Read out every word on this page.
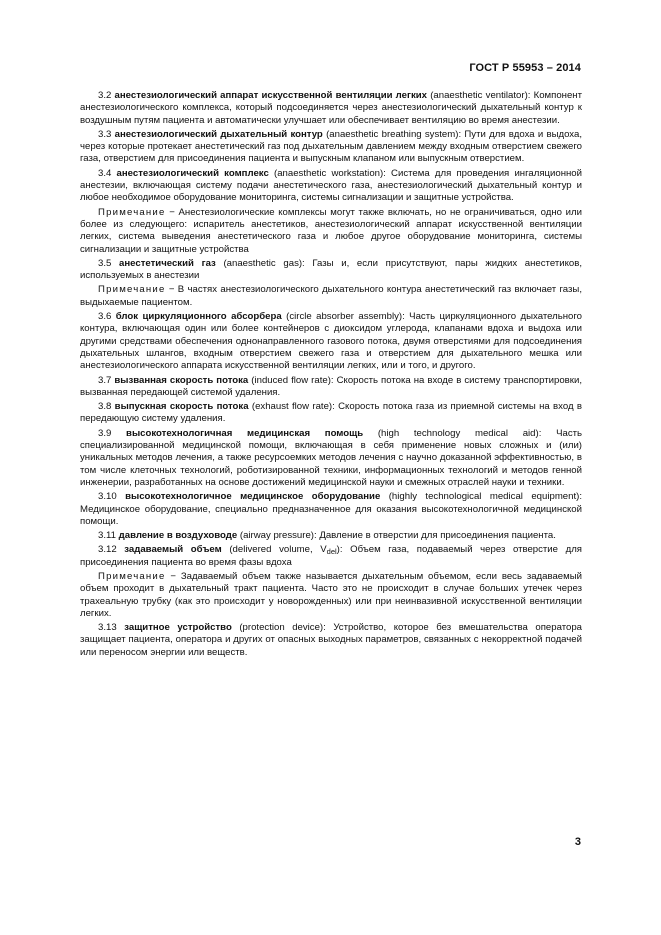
ГОСТ Р 55953 – 2014

3.2 анестезиологический аппарат искусственной вентиляции легких (anaesthetic ventilator): Компонент анестезиологического комплекса, который подсоединяется через анестезиологический дыхательный контур к воздушным путям пациента и автоматически улучшает или обеспечивает вентиляцию во время анестезии.

3.3 анестезиологический дыхательный контур (anaesthetic breathing system): Пути для вдоха и выдоха, через которые протекает анестетический газ под дыхательным давлением между входным отверстием свежего газа, отверстием для присоединения пациента и выпускным клапаном или выпускным отверстием.

3.4 анестезиологический комплекс (anaesthetic workstation): Система для проведения ингаляционной анестезии, включающая систему подачи анестетического газа, анестезиологический дыхательный контур и любое необходимое оборудование мониторинга, системы сигнализации и защитные устройства.

Примечание − Анестезиологические комплексы могут также включать, но не ограничиваться, одно или более из следующего: испаритель анестетиков, анестезиологический аппарат искусственной вентиляции легких, система выведения анестетического газа и любое другое оборудование мониторинга, системы сигнализации и защитные устройства

3.5 анестетический газ (anaesthetic gas): Газы и, если присутствуют, пары жидких анестетиков, используемых в анестезии

Примечание − В частях анестезиологического дыхательного контура анестетический газ включает газы, выдыхаемые пациентом.

3.6 блок циркуляционного абсорбера (circle absorber assembly): Часть циркуляционного дыхательного контура, включающая один или более контейнеров с диоксидом углерода, клапанами вдоха и выдоха или другими средствами обеспечения однонаправленного газового потока, двумя отверстиями для подсоединения дыхательных шлангов, входным отверстием свежего газа и отверстием для дыхательного мешка или анестезиологического аппарата искусственной вентиляции легких, или и того, и другого.

3.7 вызванная скорость потока (induced flow rate): Скорость потока на входе в систему транспортировки, вызванная передающей системой удаления.

3.8 выпускная скорость потока (exhaust flow rate): Скорость потока газа из приемной системы на вход в передающую систему удаления.

3.9 высокотехнологичная медицинская помощь (high technology medical aid): Часть специализированной медицинской помощи, включающая в себя применение новых сложных и (или) уникальных методов лечения, а также ресурсоемких методов лечения с научно доказанной эффективностью, в том числе клеточных технологий, роботизированной техники, информационных технологий и методов генной инженерии, разработанных на основе достижений медицинской науки и смежных отраслей науки и техники.

3.10 высокотехнологичное медицинское оборудование (highly technological medical equipment): Медицинское оборудование, специально предназначенное для оказания высокотехнологичной медицинской помощи.

3.11 давление в воздуховоде (airway pressure): Давление в отверстии для присоединения пациента.

3.12 задаваемый объем (delivered volume, $V_{del}$): Объем газа, подаваемый через отверстие для присоединения пациента во время фазы вдоха

Примечание − Задаваемый объем также называется дыхательным объемом, если весь задаваемый объем проходит в дыхательный тракт пациента. Часто это не происходит в случае больших утечек через трахеальную трубку (как это происходит у новорожденных) или при неинвазивной искусственной вентиляции легких.

3.13 защитное устройство (protection device): Устройство, которое без вмешательства оператора защищает пациента, оператора и других от опасных выходных параметров, связанных с некорректной подачей или переносом энергии или веществ.

3
